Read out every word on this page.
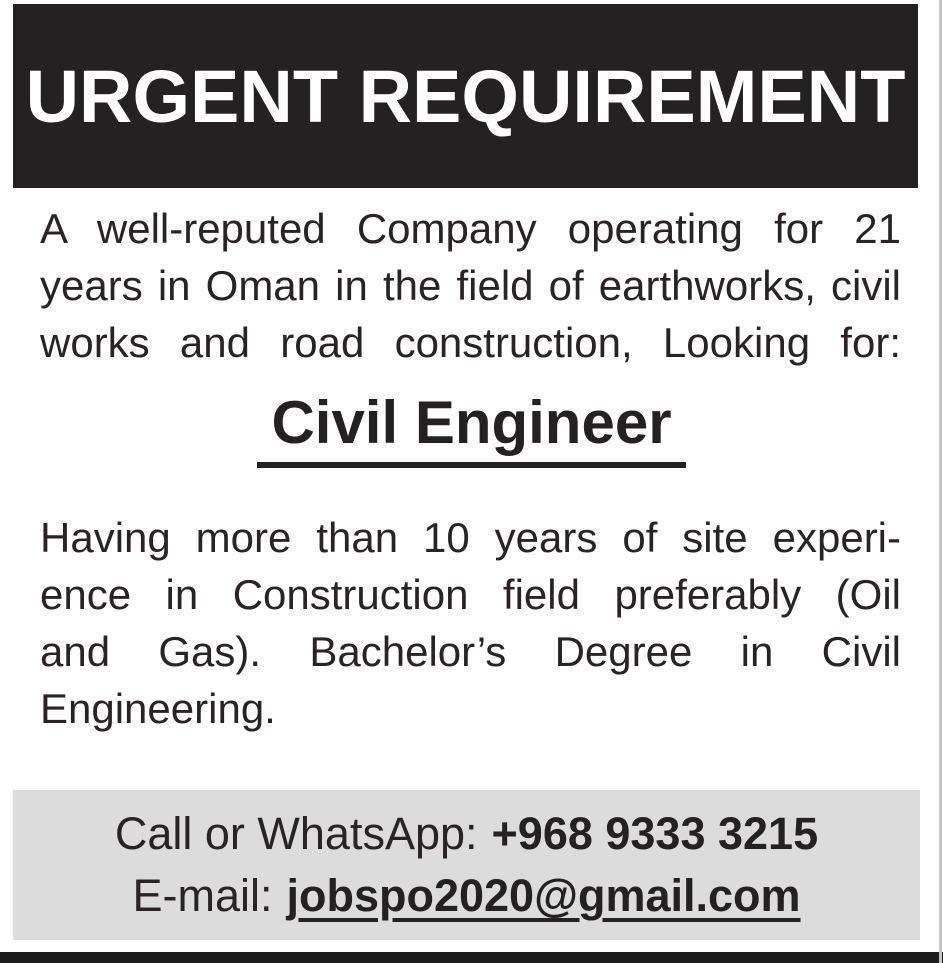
URGENT REQUIREMENT
A well-reputed Company operating for 21
years in Oman in the field of earthworks, civil
works and road construction, Looking for:
Civil Engineer
Having more than 10 years of site experi-
ence in Construction field preferably (Oil
and Gas). Bachelor’s Degree in Civil
Engineering.
Call or WhatsApp: +968 9333 3215
E-mail: jobspo2020@gmail.com
